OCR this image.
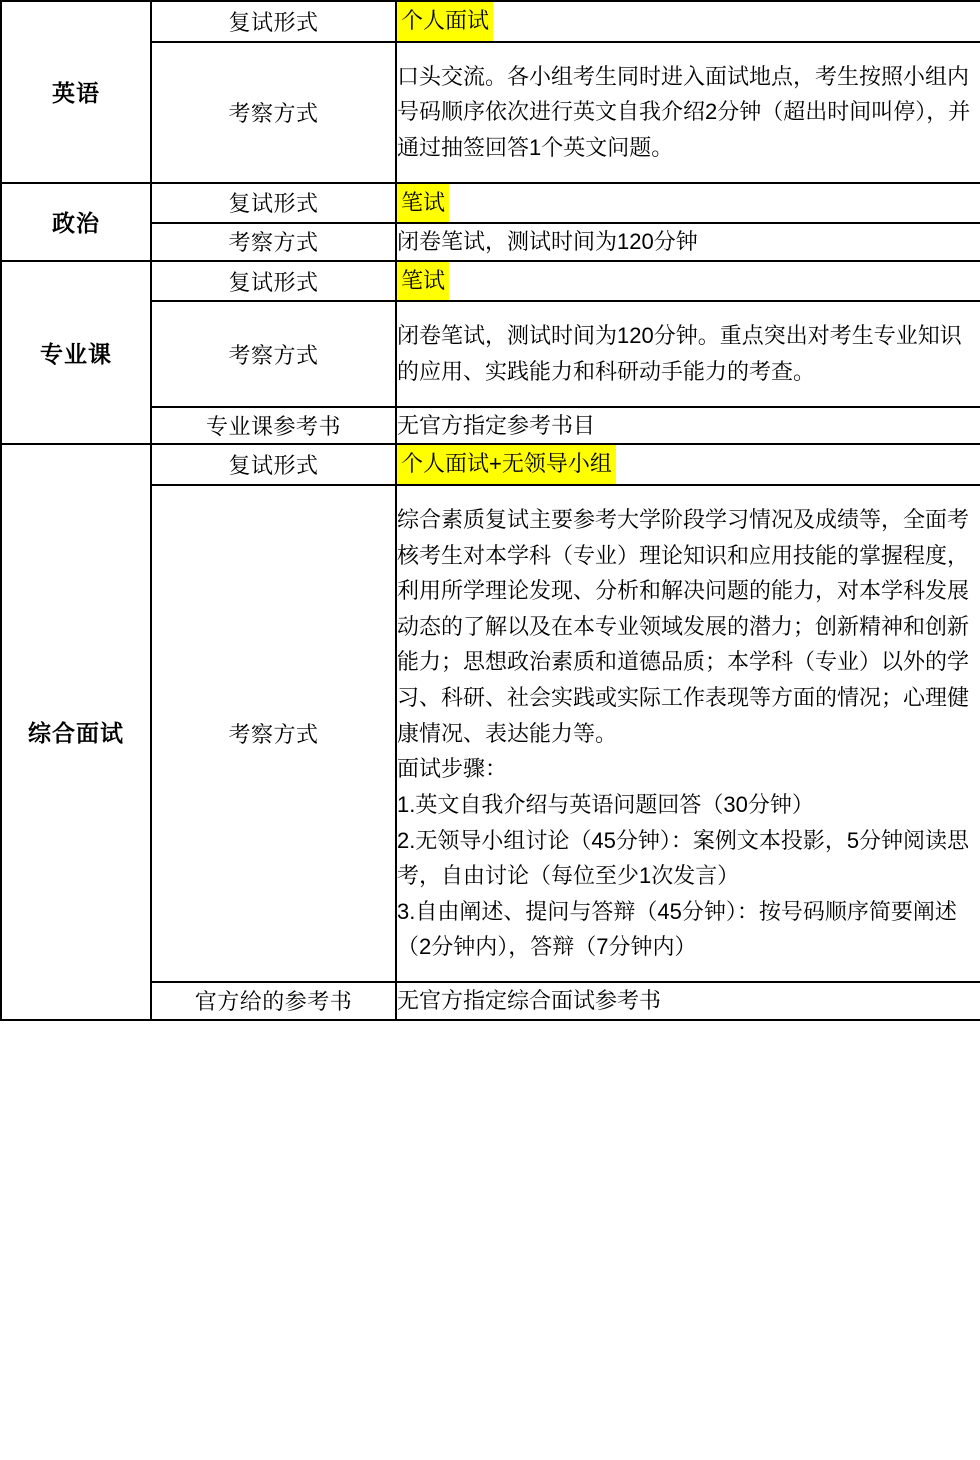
英语	复试形式	个人面试
	考察方式	口头交流。各小组考生同时进入面试地点，考生按照小组内号码顺序依次进行英文自我介绍2分钟（超出时间叫停），并通过抽签回答1个英文问题。
政治	复试形式	笔试
	考察方式	闭卷笔试，测试时间为120分钟
专业课	复试形式	笔试
	考察方式	闭卷笔试，测试时间为120分钟。重点突出对考生专业知识的应用、实践能力和科研动手能力的考查。
	专业课参考书	无官方指定参考书目
综合面试	复试形式	个人面试+无领导小组
	考察方式	综合素质复试主要参考大学阶段学习情况及成绩等，全面考核考生对本学科（专业）理论知识和应用技能的掌握程度，利用所学理论发现、分析和解决问题的能力，对本学科发展动态的了解以及在本专业领域发展的潜力；创新精神和创新能力；思想政治素质和道德品质；本学科（专业）以外的学习、科研、社会实践或实际工作表现等方面的情况；心理健康情况、表达能力等。

面试步骤：

1.英文自我介绍与英语问题回答（30分钟）

2.无领导小组讨论（45分钟）：案例文本投影，5分钟阅读思考，自由讨论（每位至少1次发言）

3.自由阐述、提问与答辩（45分钟）：按号码顺序简要阐述（2分钟内），答辩（7分钟内）

	官方给的参考书	无官方指定综合面试参考书
